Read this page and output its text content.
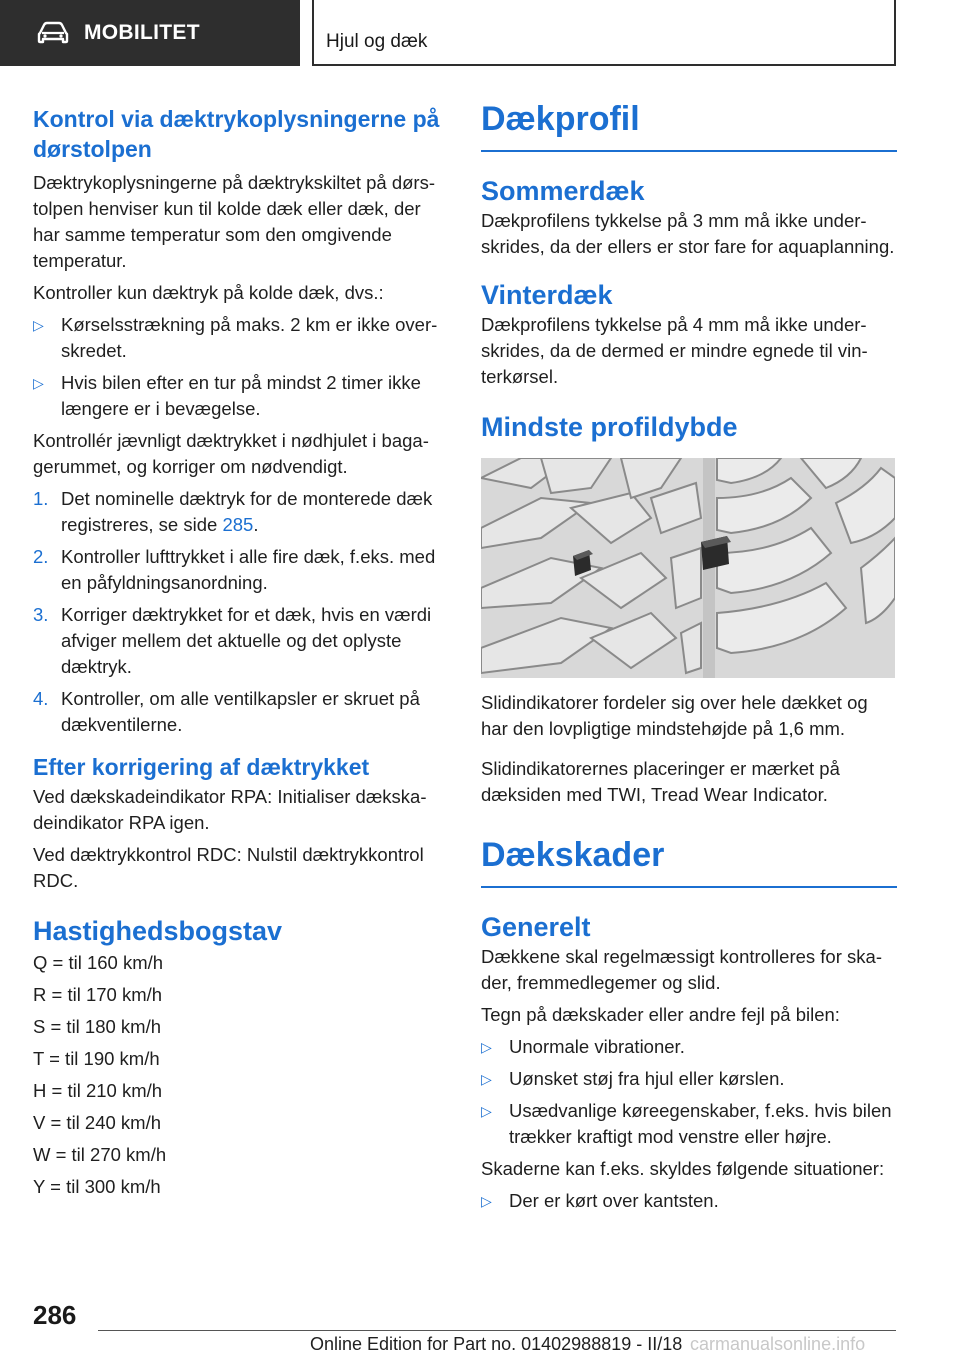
MOBILITET	Hjul og dæk
Kontrol via dæktrykoplysningerne på dørstolpen

Dæktrykoplysningerne på dæktrykskiltet på dørstolpen henviser kun til kolde dæk eller dæk, der har samme temperatur som den omgivende temperatur.

Kontroller kun dæktryk på kolde dæk, dvs.:

▷ Kørselsstrækning på maks. 2 km er ikke overskredet.
▷ Hvis bilen efter en tur på mindst 2 timer ikke længere er i bevægelse.

Kontrollér jævnligt dæktrykket i nødhjulet i bagagerummet, og korriger om nødvendigt.

1. Det nominelle dæktryk for de monterede dæk registreres, se side 285.
2. Kontroller lufttrykket i alle fire dæk, f.eks. med en påfyldningsanordning.
3. Korriger dæktrykket for et dæk, hvis en værdi afviger mellem det aktuelle og det oplyste dæktryk.
4. Kontroller, om alle ventilkapsler er skruet på dækventilerne.
Efter korrigering af dæktrykket

Ved dækskadeindikator RPA: Initialiser dækskadeindikator RPA igen.

Ved dæktrykkontrol RDC: Nulstil dæktrykkontrol RDC.

Hastighedsbogstav

Q = til 160 km/h

R = til 170 km/h

S = til 180 km/h

T = til 190 km/h

H = til 210 km/h

V = til 240 km/h

W = til 270 km/h

Y = til 300 km/h

Dækprofil
Sommerdæk

Dækprofilens tykkelse på 3 mm må ikke underskrides, da der ellers er stor fare for aquaplanning.

Vinterdæk

Dækprofilens tykkelse på 4 mm må ikke underskrides, da de dermed er mindre egnede til vinterkørsel.

Mindste profildybde

Slidindikatorer fordeler sig over hele dækket og har den lovpligtige mindstehøjde på 1,6 mm.

Slidindikatorernes placeringer er mærket på dæksiden med TWI, Tread Wear Indicator.

Dækskader
Generelt

Dækkene skal regelmæssigt kontrolleres for skader, fremmedlegemer og slid.

Tegn på dækskader eller andre fejl på bilen:

▷ Unormale vibrationer.
▷ Uønsket støj fra hjul eller kørslen.
▷ Usædvanlige køreegenskaber, f.eks. hvis bilen trækker kraftigt mod venstre eller højre.

Skaderne kan f.eks. skyldes følgende situationer:

▷ Der er kørt over kantsten.
286
Online Edition for Part no. 01402988819 - II/18 carmanualsonline.info
